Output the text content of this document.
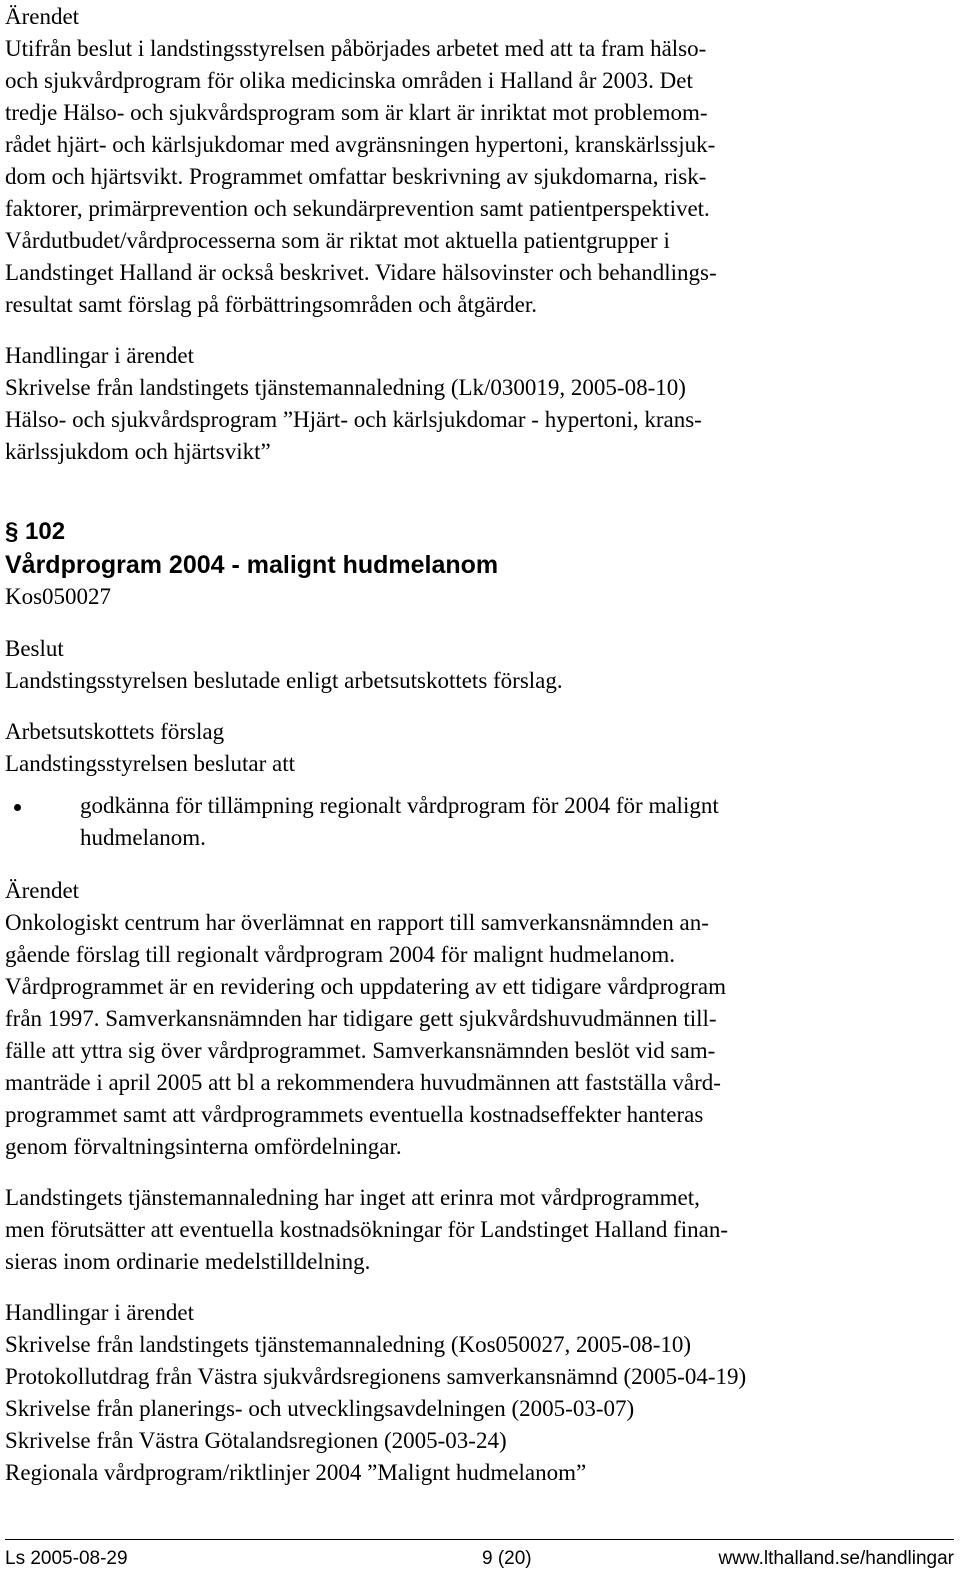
Ärendet
Utifrån beslut i landstingsstyrelsen påbörjades arbetet med att ta fram hälso-
och sjukvårdprogram för olika medicinska områden i Halland år 2003. Det
tredje Hälso- och sjukvårdsprogram som är klart är inriktat mot problemom-
rådet hjärt- och kärlsjukdomar med avgränsningen hypertoni, kranskärlssjuk-
dom och hjärtsvikt. Programmet omfattar beskrivning av sjukdomarna, risk-
faktorer, primärprevention och sekundärprevention samt patientperspektivet.
Vårdutbudet/vårdprocesserna som är riktat mot aktuella patientgrupper i
Landstinget Halland är också beskrivet. Vidare hälsovinster och behandlings-
resultat samt förslag på förbättringsområden och åtgärder.
Handlingar i ärendet
Skrivelse från landstingets tjänstemannaledning (Lk/030019, 2005-08-10)
Hälso- och sjukvårdsprogram ”Hjärt- och kärlsjukdomar - hypertoni, krans-
kärlssjukdom och hjärtsvikt”
§ 102
Vårdprogram 2004 - malignt hudmelanom
Kos050027
Beslut
Landstingsstyrelsen beslutade enligt arbetsutskottets förslag.
Arbetsutskottets förslag
Landstingsstyrelsen beslutar att
godkänna för tillämpning regionalt vårdprogram för 2004 för malignt
hudmelanom.
Ärendet
Onkologiskt centrum har överlämnat en rapport till samverkansnämnden an-
gående förslag till regionalt vårdprogram 2004 för malignt hudmelanom.
Vårdprogrammet är en revidering och uppdatering av ett tidigare vårdprogram
från 1997. Samverkansnämnden har tidigare gett sjukvårdshuvudmännen till-
fälle att yttra sig över vårdprogrammet. Samverkansnämnden beslöt vid sam-
manträde i april 2005 att bl a rekommendera huvudmännen att fastställa vård-
programmet samt att vårdprogrammets eventuella kostnadseffekter hanteras
genom förvaltningsinterna omfördelningar.
Landstingets tjänstemannaledning har inget att erinra mot vårdprogrammet,
men förutsätter att eventuella kostnadsökningar för Landstinget Halland finan-
sieras inom ordinarie medelstilldelning.
Handlingar i ärendet
Skrivelse från landstingets tjänstemannaledning (Kos050027, 2005-08-10)
Protokollutdrag från Västra sjukvårdsregionens samverkansnämnd (2005-04-19)
Skrivelse från planerings- och utvecklingsavdelningen (2005-03-07)
Skrivelse från Västra Götalandsregionen (2005-03-24)
Regionala vårdprogram/riktlinjer 2004 ”Malignt hudmelanom”
Ls 2005-08-29	9 (20)	www.lthalland.se/handlingar
